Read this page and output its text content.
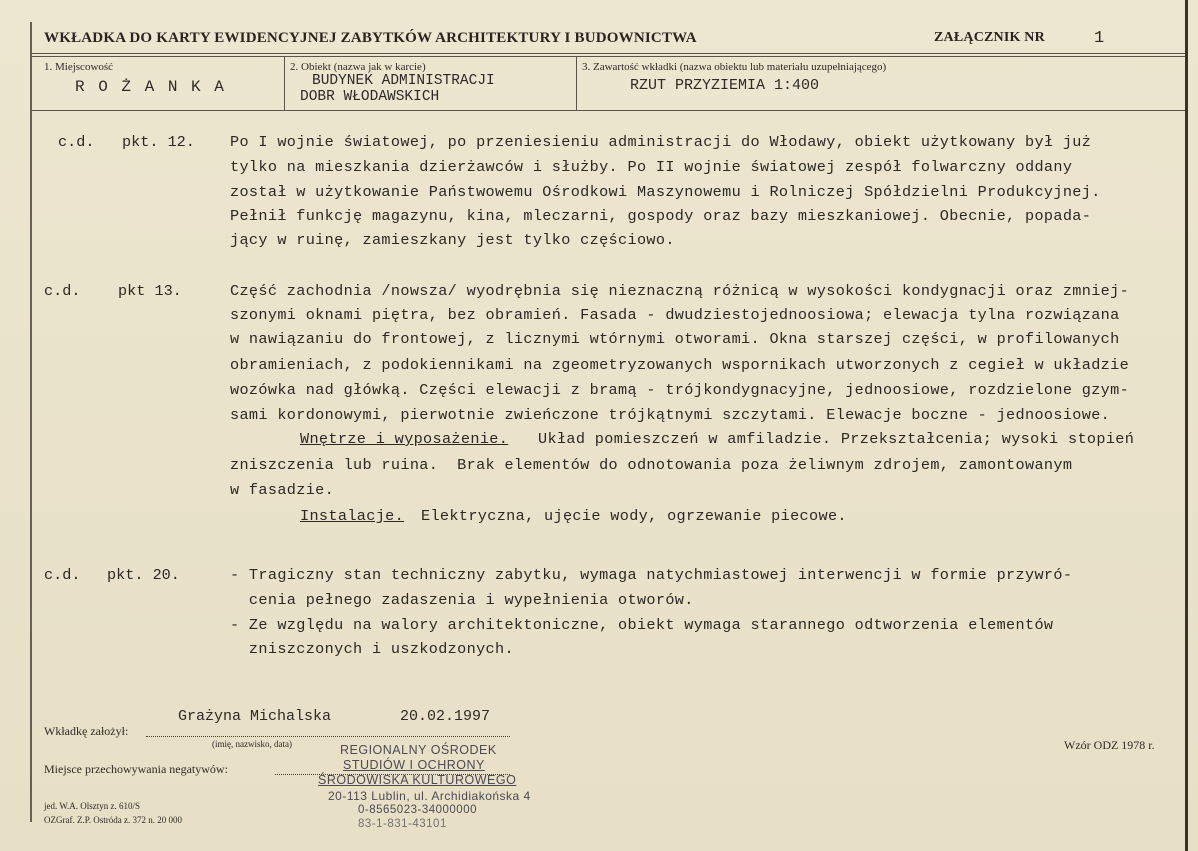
WKŁADKA DO KARTY EWIDENCYJNEJ ZABYTKÓW ARCHITEKTURY I BUDOWNICTWA	ZAŁĄCZNIK NR	1
1. Miejscowość
R O Ż A N K A
2. Obiekt (nazwa jak w karcie)
BUDYNEK ADMINISTRACJI
DOBR WŁODAWSKICH
3. Zawartość wkładki (nazwa obiektu lub materiału uzupełniającego)
RZUT PRZYZIEMIA 1:400
c.d. pkt. 12. Po I wojnie światowej, po przeniesieniu administracji do Włodawy, obiekt użytkowany był już
tylko na mieszkania dzierżawców i służby. Po II wojnie światowej zespół folwarczny oddany
został w użytkowanie Państwowemu Ośrodkowi Maszynowemu i Rolniczej Spółdzielni Produkcyjnej.
Pełnił funkcję magazynu, kina, mleczarni, gospody oraz bazy mieszkaniowej. Obecnie, popada-
jący w ruinę, zamieszkany jest tylko częściowo.
c.d. pkt 13.	Część zachodnia /nowsza/ wyodrębnia się nieznaczną różnicą w wysokości kondygnacji oraz zmniej-
szonymi oknami piętra, bez obramień. Fasada - dwudziestojednoosiowa; elewacja tylna rozwiązana
w nawiązaniu do frontowej, z licznymi wtórnymi otworami. Okna starszej części, w profilowanych
obramieniach, z podokiennikami na zgeometryzowanych wspornikach utworzonych z cegieł w układzie
wozówka nad główką. Części elewacji z bramą - trójkondygnacyjne, jednoosiowe, rozdzielone gzym-
sami kordonowymi, pierwotnie zwieńczone trójkątnymi szczytami. Elewacje boczne - jednoosiowe.
Wnętrze i wyposażenie. Układ pomieszczeń w amfiladzie. Przekształcenia; wysoki stopień
zniszczenia lub ruina.  Brak elementów do odnotowania poza żeliwnym zdrojem, zamontowanym
w fasadzie.
Instalacje. Elektryczna, ujęcie wody, ogrzewanie piecowe.
c.d. pkt. 20.	- Tragiczny stan techniczny zabytku, wymaga natychmiastowej interwencji w formie przywró-
cenia pełnego zadaszenia i wypełnienia otworów.
- Ze względu na walory architektoniczne, obiekt wymaga starannego odtworzenia elementów
zniszczonych i uszkodzonych.
Grażyna Michalska	20.02.1997
Wkładkę założył:
(imię, nazwisko, data)	Wzór ODZ 1978 r.
Miejsce przechowywania negatywów:
REGIONALNY OŚRODEK
STUDIÓW I OCHRONY
ŚRODOWISKA KULTUROWEGO
20-113 Lublin, ul. Archidiakońska 4
0-8565023-34000000
83-1-831-43101
jed. W.A. Olsztyn z. 610/S
OZGraf. Z.P. Ostróda z. 372 n. 20 000
